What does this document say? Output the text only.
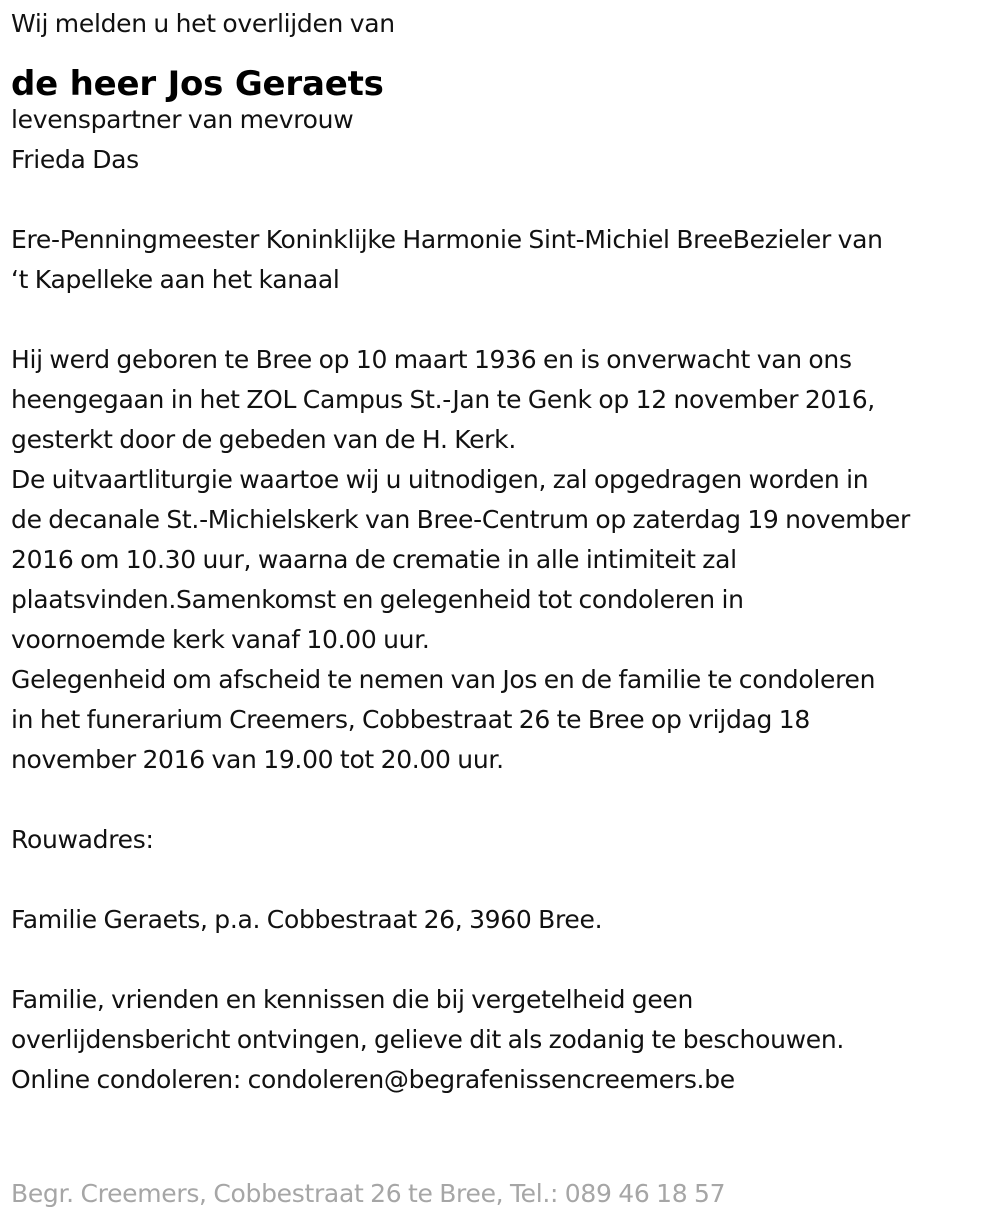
Wij melden u het overlijden van
de heer Jos Geraets
levenspartner van mevrouw
Frieda Das
Ere-Penningmeester Koninklijke Harmonie Sint-Michiel BreeBezieler van
‘t Kapelleke aan het kanaal
Hij werd geboren te Bree op 10 maart 1936 en is onverwacht van ons
heengegaan in het ZOL Campus St.-Jan te Genk op 12 november 2016,
gesterkt door de gebeden van de H. Kerk.
De uitvaartliturgie waartoe wij u uitnodigen, zal opgedragen worden in
de decanale St.-Michielskerk van Bree-Centrum op zaterdag 19 november
2016 om 10.30 uur, waarna de crematie in alle intimiteit zal
plaatsvinden.Samenkomst en gelegenheid tot condoleren in
voornoemde kerk vanaf 10.00 uur.
Gelegenheid om afscheid te nemen van Jos en de familie te condoleren
in het funerarium Creemers, Cobbestraat 26 te Bree op vrijdag 18
november 2016 van 19.00 tot 20.00 uur.
Rouwadres:
Familie Geraets, p.a. Cobbestraat 26, 3960 Bree.
Familie, vrienden en kennissen die bij vergetelheid geen
overlijdensbericht ontvingen, gelieve dit als zodanig te beschouwen.
Online condoleren: condoleren@begrafenissencreemers.be
Begr. Creemers, Cobbestraat 26 te Bree, Tel.: 089 46 18 57
